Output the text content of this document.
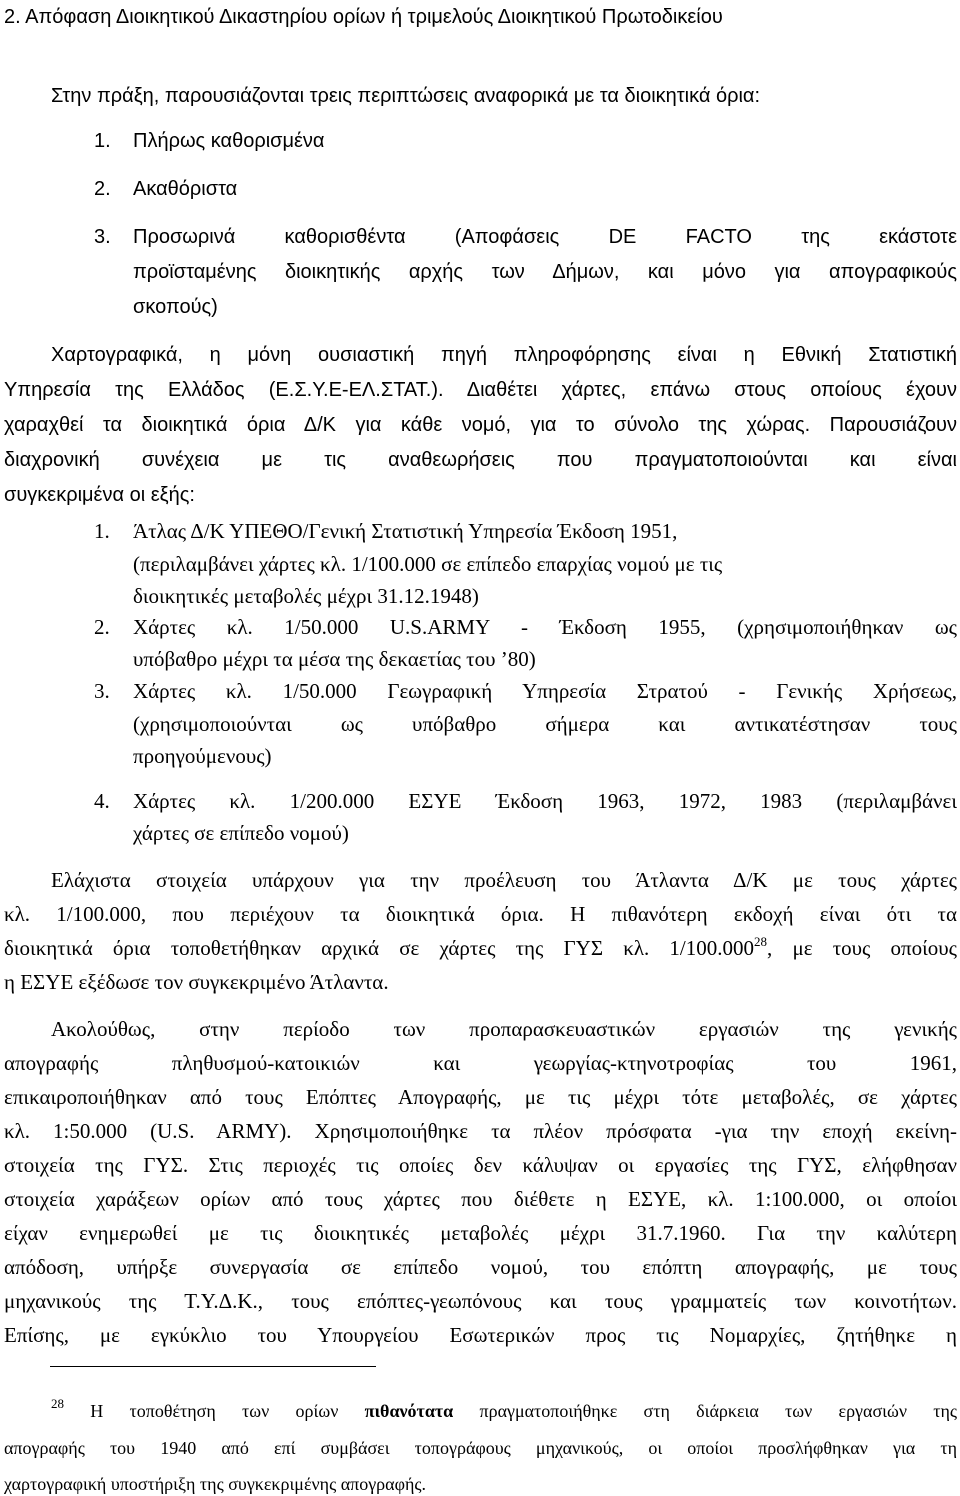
2. Απόφαση Διοικητικού Δικαστηρίου ορίων ή τριμελούς Διοικητικού Πρωτοδικείου
Στην πράξη, παρουσιάζονται τρεις περιπτώσεις αναφορικά με τα διοικητικά όρια:
1. Πλήρως καθορισμένα
2. Ακαθόριστα
3. Προσωρινά καθορισθέντα (Αποφάσεις DE FACTO της εκάστοτε
προϊσταμένης διοικητικής αρχής των Δήμων, και μόνο για απογραφικούς
σκοπούς)
Χαρτογραφικά, η μόνη ουσιαστική πηγή πληροφόρησης είναι η Εθνική Στατιστική
Υπηρεσία της Ελλάδος (Ε.Σ.Υ.Ε-ΕΛ.ΣΤΑΤ.). Διαθέτει χάρτες, επάνω στους οποίους έχουν
χαραχθεί τα διοικητικά όρια Δ/Κ για κάθε νομό, για το σύνολο της χώρας. Παρουσιάζουν
διαχρονική συνέχεια με τις αναθεωρήσεις που πραγματοποιούνται και είναι
συγκεκριμένα οι εξής:
1. Άτλας Δ/Κ ΥΠΕΘΟ/Γενική Στατιστική Υπηρεσία Έκδοση 1951,
(περιλαμβάνει χάρτες κλ. 1/100.000 σε επίπεδο επαρχίας νομού με τις
διοικητικές μεταβολές μέχρι 31.12.1948)
2. Χάρτες κλ. 1/50.000 U.S.ARMY - Έκδοση 1955, (χρησιμοποιήθηκαν ως
υπόβαθρο μέχρι τα μέσα της δεκαετίας του ’80)
3. Χάρτες κλ. 1/50.000 Γεωγραφική Υπηρεσία Στρατού - Γενικής Χρήσεως,
(χρησιμοποιούνται ως υπόβαθρο σήμερα και αντικατέστησαν τους
προηγούμενους)
4. Χάρτες κλ. 1/200.000 ΕΣΥΕ Έκδοση 1963, 1972, 1983 (περιλαμβάνει
χάρτες σε επίπεδο νομού)
Ελάχιστα στοιχεία υπάρχουν για την προέλευση του Άτλαντα Δ/Κ με τους χάρτες
κλ. 1/100.000, που περιέχουν τα διοικητικά όρια. Η πιθανότερη εκδοχή είναι ότι τα
διοικητικά όρια τοποθετήθηκαν αρχικά σε χάρτες της ΓΥΣ κλ. 1/100.000$^{28}$, με τους οποίους
η ΕΣΥΕ εξέδωσε τον συγκεκριμένο Άτλαντα.
Ακολούθως, στην περίοδο των προπαρασκευαστικών εργασιών της γενικής
απογραφής πληθυσμού-κατοικιών και γεωργίας-κτηνοτροφίας του 1961,
επικαιροποιήθηκαν από τους Επόπτες Απογραφής, με τις μέχρι τότε μεταβολές, σε χάρτες
κλ. 1:50.000 (U.S. ARMY). Χρησιμοποιήθηκε τα πλέον πρόσφατα -για την εποχή εκείνη-
στοιχεία της ΓΥΣ. Στις περιοχές τις οποίες δεν κάλυψαν οι εργασίες της ΓΥΣ, ελήφθησαν
στοιχεία χαράξεων ορίων από τους χάρτες που διέθετε η ΕΣΥΕ, κλ. 1:100.000, οι οποίοι
είχαν ενημερωθεί με τις διοικητικές μεταβολές μέχρι 31.7.1960. Για την καλύτερη
απόδοση, υπήρξε συνεργασία σε επίπεδο νομού, του επόπτη απογραφής, με τους
μηχανικούς της Τ.Υ.Δ.Κ., τους επόπτες-γεωπόνους και τους γραμματείς των κοινοτήτων.
Επίσης, με εγκύκλιο του Υπουργείου Εσωτερικών προς τις Νομαρχίες, ζητήθηκε η
$^{28}$ Η τοποθέτηση των ορίων πιθανότατα πραγματοποιήθηκε στη διάρκεια των εργασιών της
απογραφής του 1940 από επί συμβάσει τοπογράφους μηχανικούς, οι οποίοι προσλήφθηκαν για τη
χαρτογραφική υποστήριξη της συγκεκριμένης απογραφής.
